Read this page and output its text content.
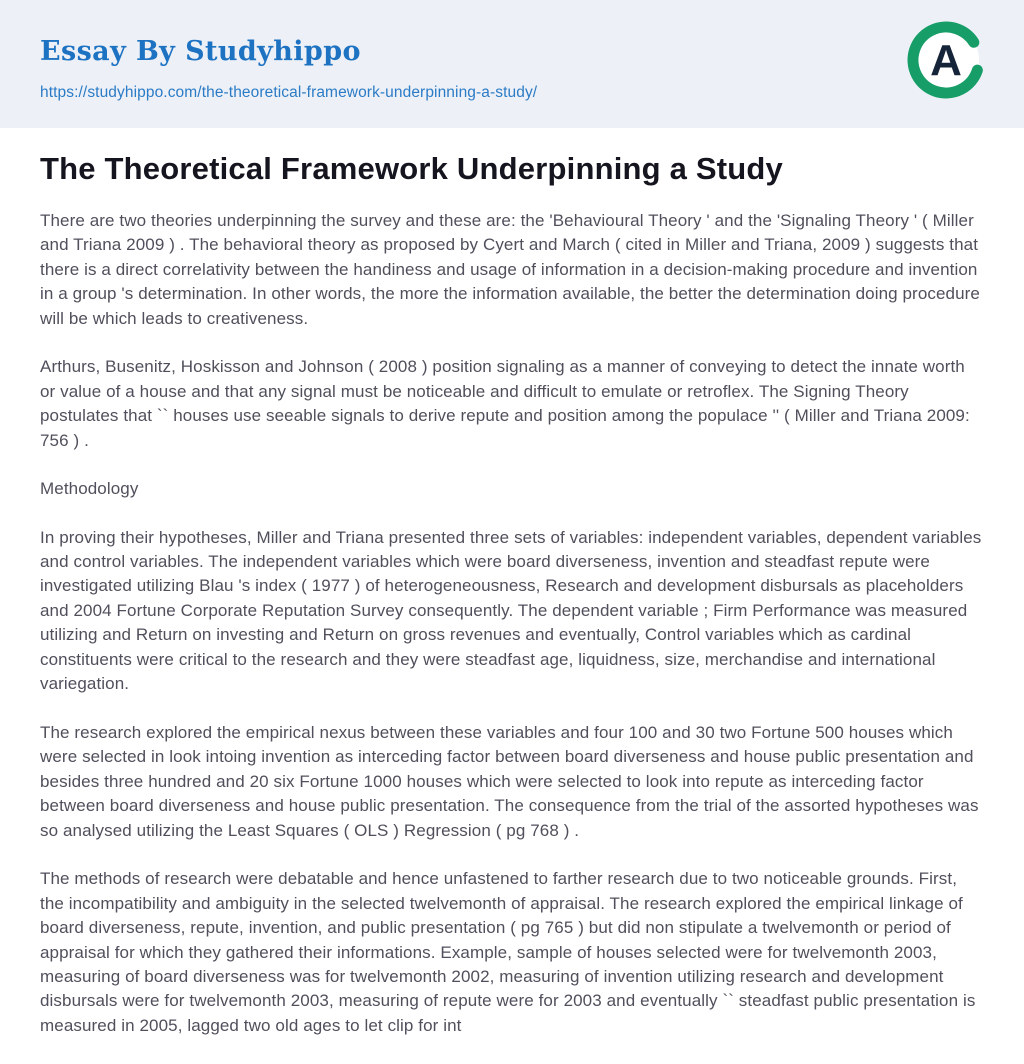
Essay By Studyhippo
https://studyhippo.com/the-theoretical-framework-underpinning-a-study/
A
The Theoretical Framework Underpinning a Study

There are two theories underpinning the survey and these are: the 'Behavioural Theory ' and the 'Signaling Theory ' ( Miller and Triana 2009 ) . The behavioral theory as proposed by Cyert and March ( cited in Miller and Triana, 2009 ) suggests that there is a direct correlativity between the handiness and usage of information in a decision-making procedure and invention in a group 's determination. In other words, the more the information available, the better the determination doing procedure will be which leads to creativeness.

Arthurs, Busenitz, Hoskisson and Johnson ( 2008 ) position signaling as a manner of conveying to detect the innate worth or value of a house and that any signal must be noticeable and difficult to emulate or retroflex. The Signing Theory postulates that `` houses use seeable signals to derive repute and position among the populace '' ( Miller and Triana 2009: 756 ) .

Methodology

In proving their hypotheses, Miller and Triana presented three sets of variables: independent variables, dependent variables and control variables. The independent variables which were board diverseness, invention and steadfast repute were investigated utilizing Blau 's index ( 1977 ) of heterogeneousness, Research and development disbursals as placeholders and 2004 Fortune Corporate Reputation Survey consequently. The dependent variable ; Firm Performance was measured utilizing and Return on investing and Return on gross revenues and eventually, Control variables which as cardinal constituents were critical to the research and they were steadfast age, liquidness, size, merchandise and international variegation.

The research explored the empirical nexus between these variables and four 100 and 30 two Fortune 500 houses which were selected in look intoing invention as interceding factor between board diverseness and house public presentation and besides three hundred and 20 six Fortune 1000 houses which were selected to look into repute as interceding factor between board diverseness and house public presentation. The consequence from the trial of the assorted hypotheses was so analysed utilizing the Least Squares ( OLS ) Regression ( pg 768 ) .

The methods of research were debatable and hence unfastened to farther research due to two noticeable grounds. First, the incompatibility and ambiguity in the selected twelvemonth of appraisal. The research explored the empirical linkage of board diverseness, repute, invention, and public presentation ( pg 765 ) but did non stipulate a twelvemonth or period of appraisal for which they gathered their informations. Example, sample of houses selected were for twelvemonth 2003, measuring of board diverseness was for twelvemonth 2002, measuring of invention utilizing research and development disbursals were for twelvemonth 2003, measuring of repute were for 2003 and eventually `` steadfast public presentation is measured in 2005, lagged two old ages to let clip for int
